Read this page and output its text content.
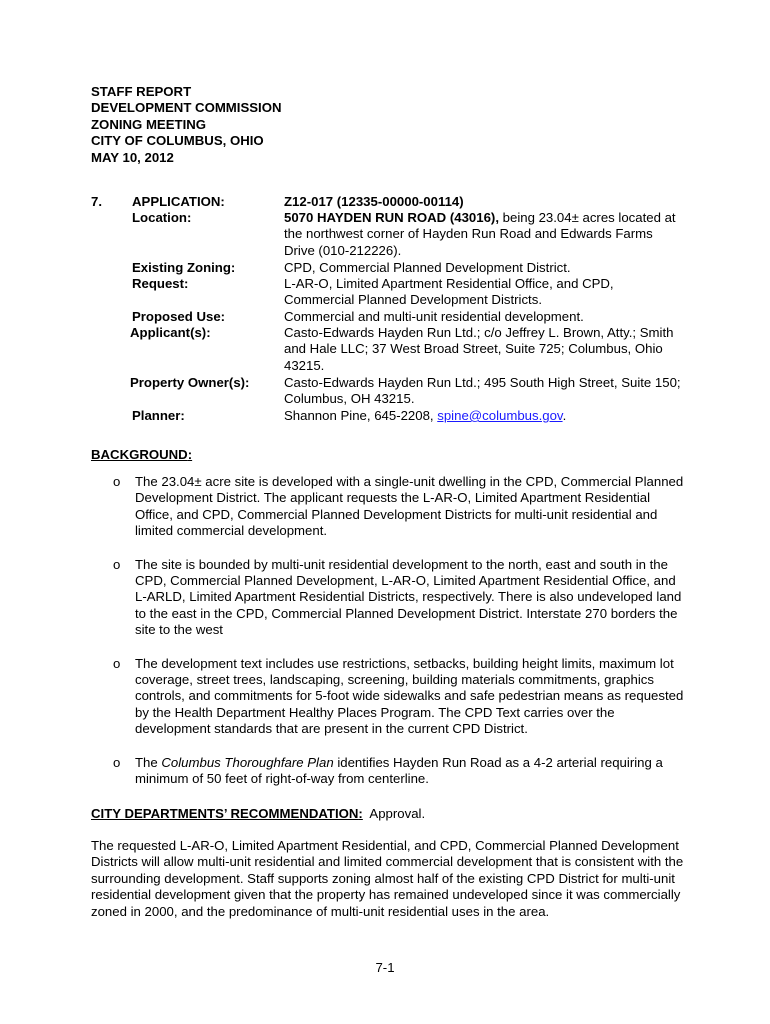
STAFF REPORT
DEVELOPMENT COMMISSION
ZONING MEETING
CITY OF COLUMBUS, OHIO
MAY 10, 2012
7. APPLICATION:	Z12-017 (12335-00000-00114)
Location:	5070 HAYDEN RUN ROAD (43016), being 23.04± acres located at the northwest corner of Hayden Run Road and Edwards Farms Drive (010-212226).
Existing Zoning:	CPD, Commercial Planned Development District.
Request:	L-AR-O, Limited Apartment Residential Office, and CPD, Commercial Planned Development Districts.
Proposed Use:	Commercial and multi-unit residential development.
Applicant(s):	Casto-Edwards Hayden Run Ltd.; c/o Jeffrey L. Brown, Atty.; Smith and Hale LLC; 37 West Broad Street, Suite 725; Columbus, Ohio 43215.
Property Owner(s):	Casto-Edwards Hayden Run Ltd.; 495 South High Street, Suite 150; Columbus, OH 43215.
Planner:	Shannon Pine, 645-2208, spine@columbus.gov.
BACKGROUND:
o The 23.04± acre site is developed with a single-unit dwelling in the CPD, Commercial Planned Development District. The applicant requests the L-AR-O, Limited Apartment Residential Office, and CPD, Commercial Planned Development Districts for multi-unit residential and limited commercial development.
o The site is bounded by multi-unit residential development to the north, east and south in the CPD, Commercial Planned Development, L-AR-O, Limited Apartment Residential Office, and L-ARLD, Limited Apartment Residential Districts, respectively. There is also undeveloped land to the east in the CPD, Commercial Planned Development District. Interstate 270 borders the site to the west
o The development text includes use restrictions, setbacks, building height limits, maximum lot coverage, street trees, landscaping, screening, building materials commitments, graphics controls, and commitments for 5-foot wide sidewalks and safe pedestrian means as requested by the Health Department Healthy Places Program. The CPD Text carries over the development standards that are present in the current CPD District.
o The Columbus Thoroughfare Plan identifies Hayden Run Road as a 4-2 arterial requiring a minimum of 50 feet of right-of-way from centerline.
CITY DEPARTMENTS’ RECOMMENDATION:  Approval.
The requested L-AR-O, Limited Apartment Residential, and CPD, Commercial Planned Development Districts will allow multi-unit residential and limited commercial development that is consistent with the surrounding development. Staff supports zoning almost half of the existing CPD District for multi-unit residential development given that the property has remained undeveloped since it was commercially zoned in 2000, and the predominance of multi-unit residential uses in the area.
7-1
